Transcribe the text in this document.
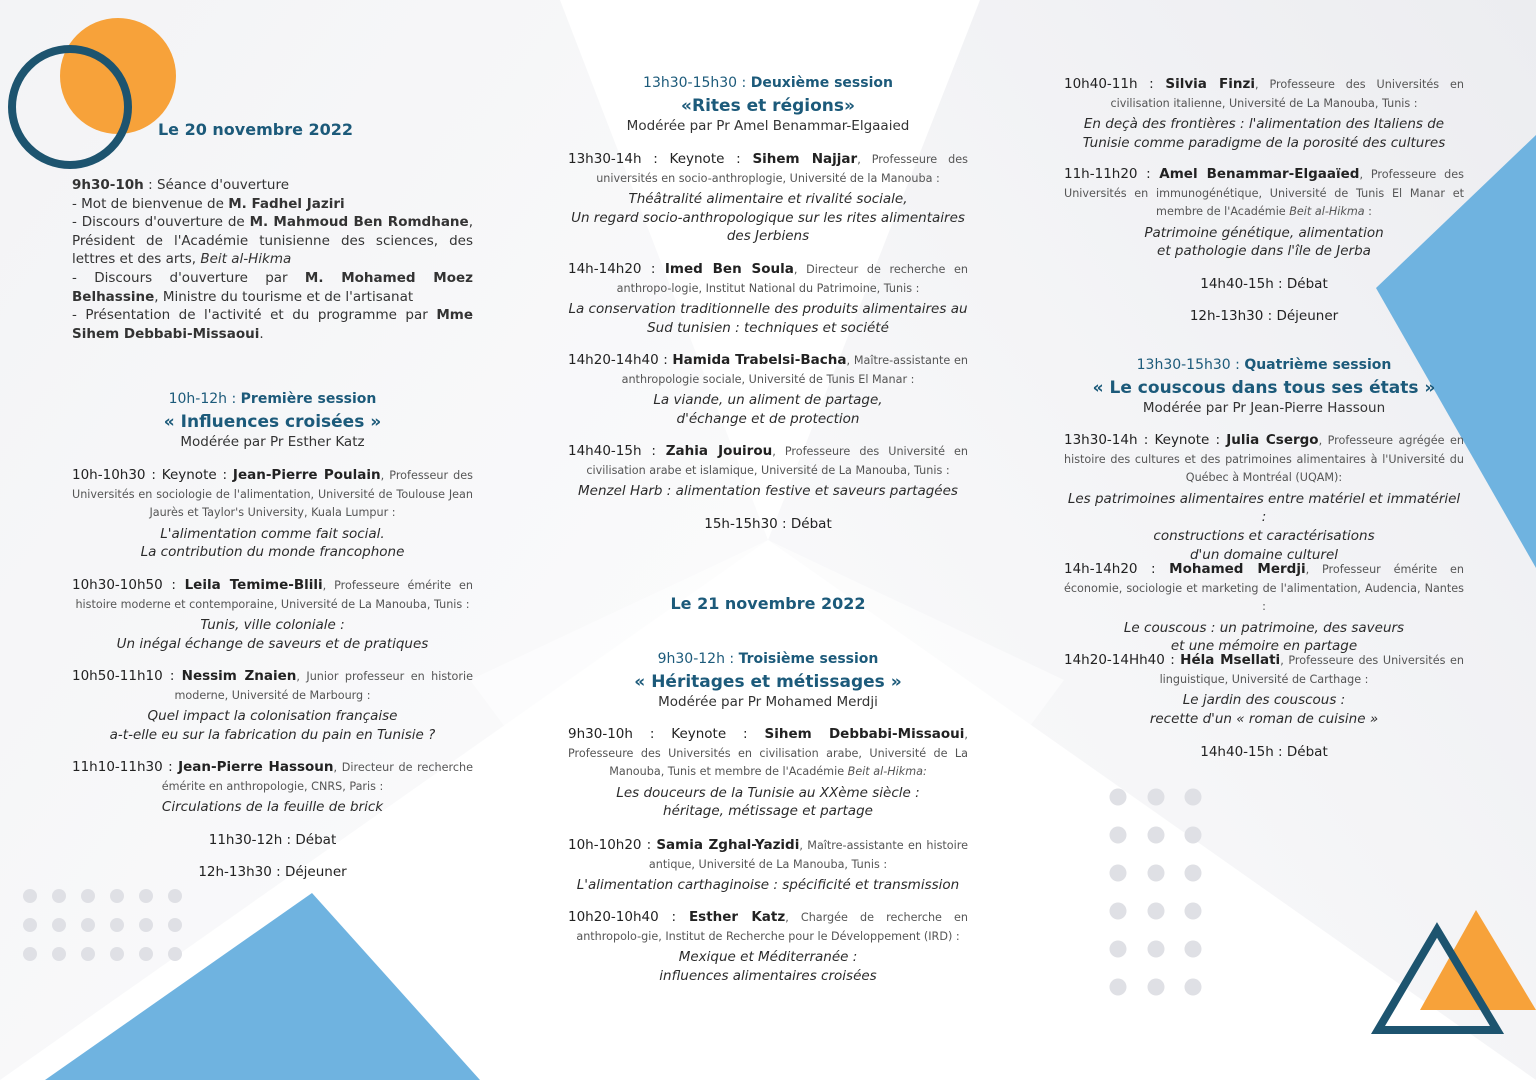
Le 20 novembre 2022
9h30-10h : Séance d'ouverture
- Mot de bienvenue de M. Fadhel Jaziri
- Discours d'ouverture de M. Mahmoud Ben Romdhane, Président de l'Académie tunisienne des sciences, des lettres et des arts, Beit al-Hikma
- Discours d'ouverture par M. Mohamed Moez Belhassine, Ministre du tourisme et de l'artisanat
- Présentation de l'activité et du programme par Mme Sihem Debbabi-Missaoui.
10h-12h : Première session
« Influences croisées »
Modérée par Pr Esther Katz
10h-10h30 : Keynote : Jean-Pierre Poulain, Professeur des Universités en sociologie de l'alimentation, Université de Toulouse Jean Jaurès et Taylor's University, Kuala Lumpur :
L'alimentation comme fait social.
La contribution du monde francophone
10h30-10h50 : Leila Temime-Blili, Professeure émérite en histoire moderne et contemporaine, Université de La Manouba, Tunis :
Tunis, ville coloniale :
Un inégal échange de saveurs et de pratiques
10h50-11h10 : Nessim Znaien, Junior professeur en historie moderne, Université de Marbourg :
Quel impact la colonisation française
a-t-elle eu sur la fabrication du pain en Tunisie ?
11h10-11h30 : Jean-Pierre Hassoun, Directeur de recherche émérite en anthropologie, CNRS, Paris :
Circulations de la feuille de brick
11h30-12h : Débat
12h-13h30 : Déjeuner
13h30-15h30 : Deuxième session
«Rites et régions»
Modérée par Pr Amel Benammar-Elgaaied
13h30-14h : Keynote : Sihem Najjar, Professeure des universités en socio-anthroplogie, Université de la Manouba :
Théâtralité alimentaire et rivalité sociale,
Un regard socio-anthropologique sur les rites alimentaires
des Jerbiens
14h-14h20 : Imed Ben Soula, Directeur de recherche en anthropo-logie, Institut National du Patrimoine, Tunis :
La conservation traditionnelle des produits alimentaires au
Sud tunisien : techniques et société
14h20-14h40 : Hamida Trabelsi-Bacha, Maître-assistante en anthropologie sociale, Université de Tunis El Manar :
La viande, un aliment de partage,
d'échange et de protection
14h40-15h : Zahia Jouirou, Professeure des Université en civilisation arabe et islamique, Université de La Manouba, Tunis :
Menzel Harb : alimentation festive et saveurs partagées
15h-15h30 : Débat
Le 21 novembre 2022
9h30-12h : Troisième session
« Héritages et métissages »
Modérée par Pr Mohamed Merdji
9h30-10h : Keynote : Sihem Debbabi-Missaoui, Professeure des Universités en civilisation arabe, Université de La Manouba, Tunis et membre de l'Académie Beit al-Hikma:
Les douceurs de la Tunisie au XXème siècle :
héritage, métissage et partage
10h-10h20 : Samia Zghal-Yazidi, Maître-assistante en histoire antique, Université de La Manouba, Tunis :
L'alimentation carthaginoise : spécificité et transmission
10h20-10h40 : Esther Katz, Chargée de recherche en anthropolo-gie, Institut de Recherche pour le Développement (IRD) :
Mexique et Méditerranée :
influences alimentaires croisées
10h40-11h : Silvia Finzi, Professeure des Universités en civilisation italienne, Université de La Manouba, Tunis :
En deçà des frontières : l'alimentation des Italiens de
Tunisie comme paradigme de la porosité des cultures
11h-11h20 : Amel Benammar-Elgaaïed, Professeure des Universités en immunogénétique, Université de Tunis El Manar et membre de l'Académie Beit al-Hikma :
Patrimoine génétique, alimentation
et pathologie dans l'île de Jerba
14h40-15h : Débat
12h-13h30 : Déjeuner
13h30-15h30 : Quatrième session
« Le couscous dans tous ses états »
Modérée par Pr Jean-Pierre Hassoun
13h30-14h : Keynote : Julia Csergo, Professeure agrégée en histoire des cultures et des patrimoines alimentaires à l'Université du Québec à Montréal (UQAM):
Les patrimoines alimentaires entre matériel et immatériel :
constructions et caractérisations
d'un domaine culturel
14h-14h20 : Mohamed Merdji, Professeur émérite en économie, sociologie et marketing de l'alimentation, Audencia, Nantes :
Le couscous : un patrimoine, des saveurs
et une mémoire en partage
14h20-14Hh40 : Héla Msellati, Professeure des Universités en linguistique, Université de Carthage :
Le jardin des couscous :
recette d'un « roman de cuisine »
14h40-15h : Débat
